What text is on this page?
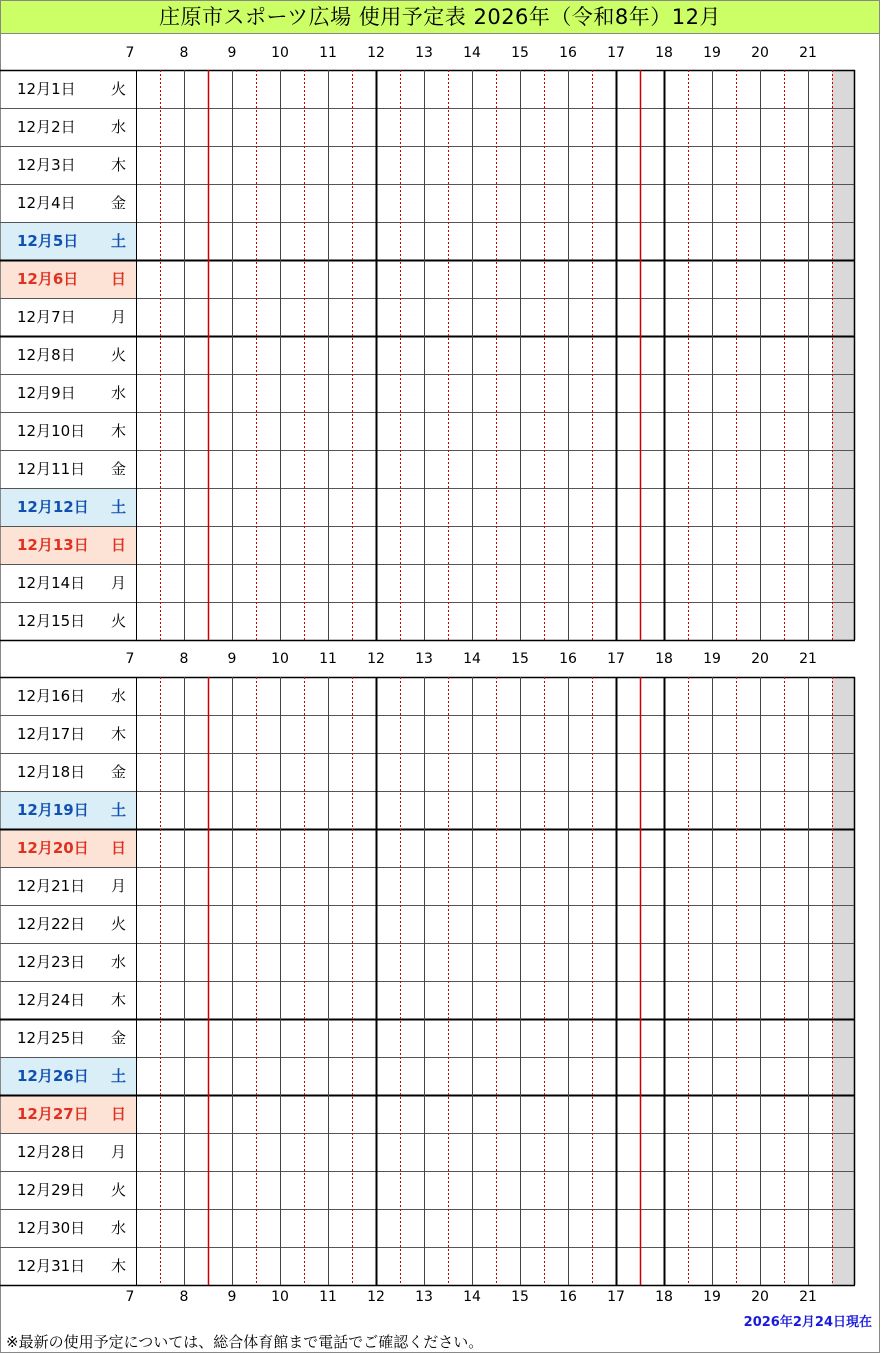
庄原市スポーツ広場 使用予定表 2026年（令和8年）12月
7	8	9	10	11	12	13	14	15	16	17	18	19	20	21
12月1日 火
12月2日 水
12月3日 木
12月4日 金
12月5日 土
12月6日 日
12月7日 月
12月8日 火
12月9日 水
12月10日 木
12月11日 金
12月12日 土
12月13日 日
12月14日 月
12月15日 火
7	8	9	10	11	12	13	14	15	16	17	18	19	20	21
12月16日 水
12月17日 木
12月18日 金
12月19日 土
12月20日 日
12月21日 月
12月22日 火
12月23日 水
12月24日 木
12月25日 金
12月26日 土
12月27日 日
12月28日 月
12月29日 火
12月30日 水
12月31日 木
7	8	9	10	11	12	13	14	15	16	17	18	19	20	21
2026年2月24日現在
※最新の使用予定については、総合体育館まで電話でご確認ください。
